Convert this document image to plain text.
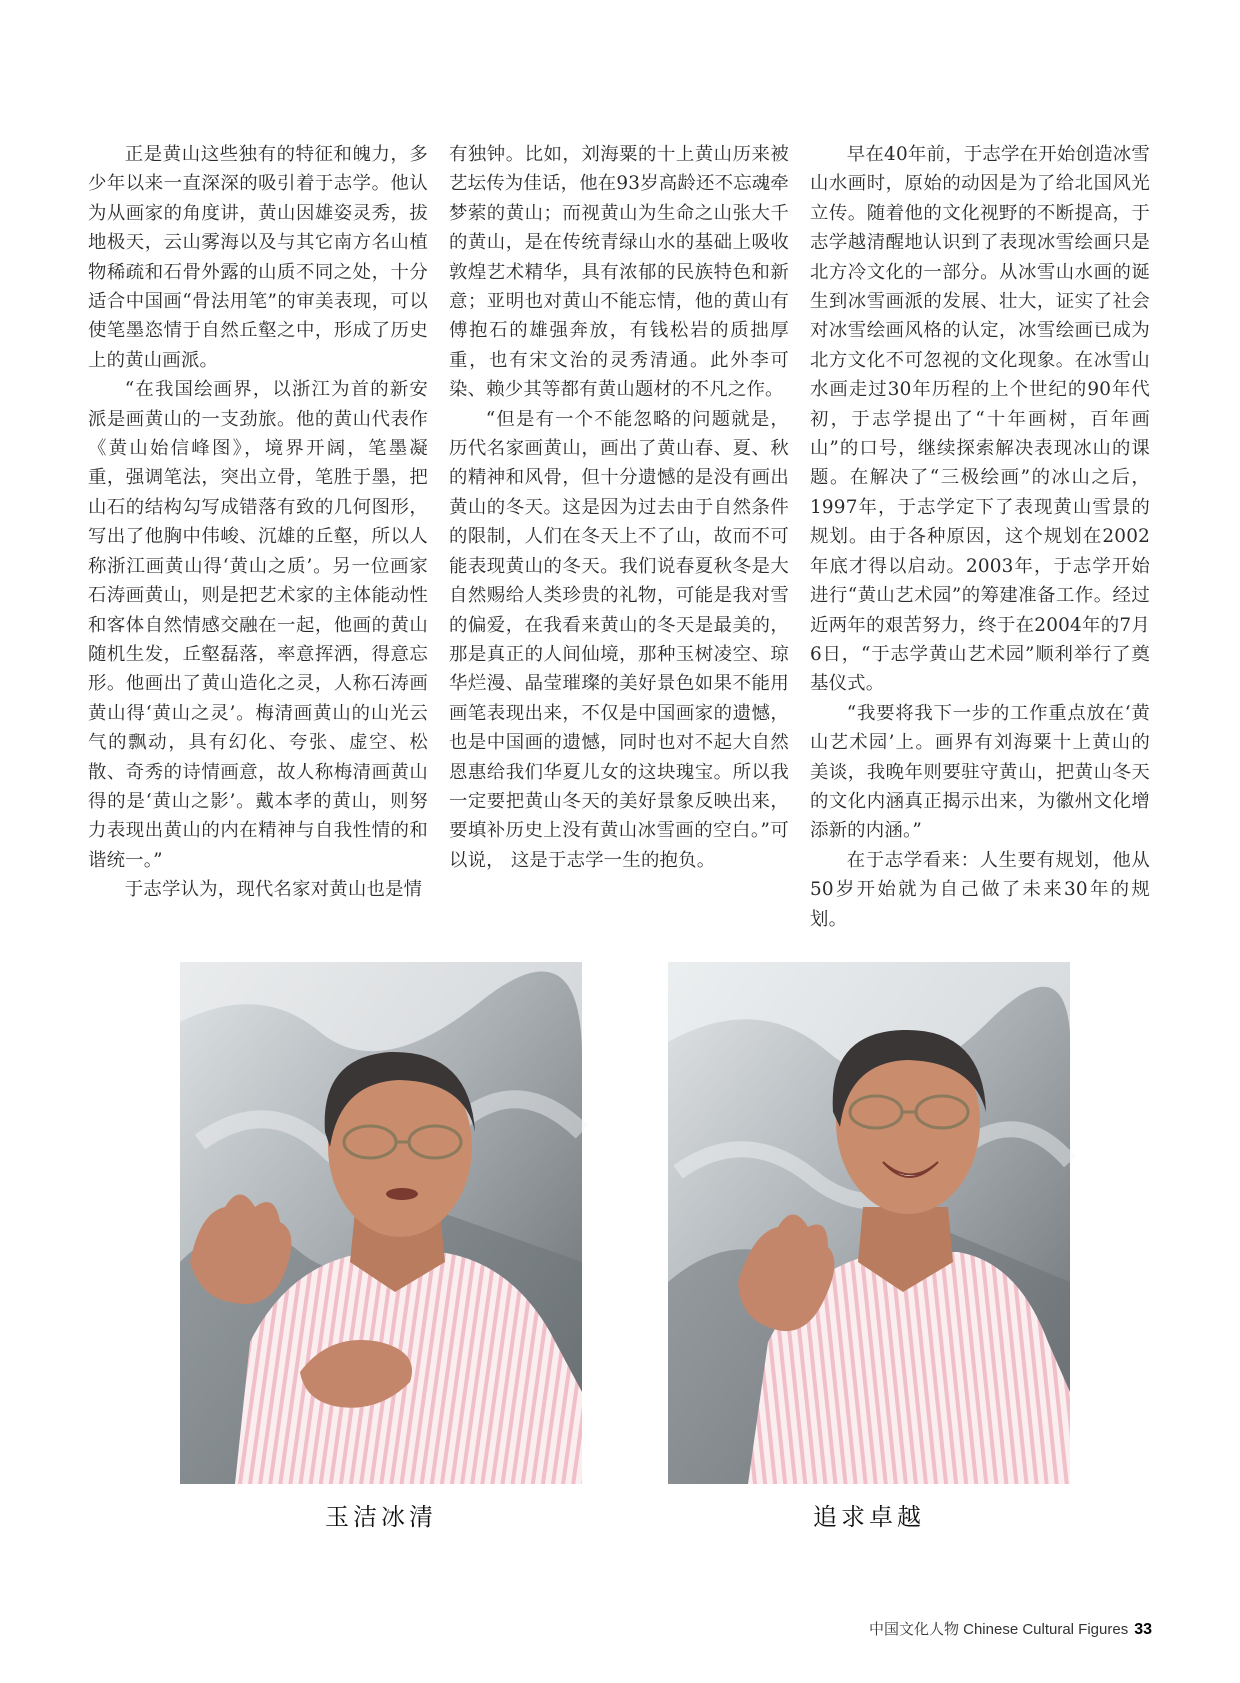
正是黄山这些独有的特征和魄力，多少年以来一直深深的吸引着于志学。他认为从画家的角度讲，黄山因雄姿灵秀，拔地极天，云山雾海以及与其它南方名山植物稀疏和石骨外露的山质不同之处，十分适合中国画“骨法用笔”的审美表现，可以使笔墨恣情于自然丘壑之中，形成了历史上的黄山画派。

“在我国绘画界，以浙江为首的新安派是画黄山的一支劲旅。他的黄山代表作《黄山始信峰图》，境界开阔，笔墨凝重，强调笔法，突出立骨，笔胜于墨，把山石的结构勾写成错落有致的几何图形，写出了他胸中伟峻、沉雄的丘壑，所以人称浙江画黄山得‘黄山之质’。另一位画家石涛画黄山，则是把艺术家的主体能动性和客体自然情感交融在一起，他画的黄山随机生发，丘壑磊落，率意挥洒，得意忘形。他画出了黄山造化之灵，人称石涛画黄山得‘黄山之灵’。梅清画黄山的山光云气的飘动，具有幻化、夸张、虚空、松散、奇秀的诗情画意，故人称梅清画黄山得的是‘黄山之影’。戴本孝的黄山，则努力表现出黄山的内在精神与自我性情的和谐统一。”

于志学认为，现代名家对黄山也是情

有独钟。比如，刘海粟的十上黄山历来被艺坛传为佳话，他在93岁高龄还不忘魂牵梦萦的黄山；而视黄山为生命之山张大千的黄山，是在传统青绿山水的基础上吸收敦煌艺术精华，具有浓郁的民族特色和新意；亚明也对黄山不能忘情，他的黄山有傅抱石的雄强奔放，有钱松岩的质拙厚重，也有宋文治的灵秀清通。此外李可染、赖少其等都有黄山题材的不凡之作。

“但是有一个不能忽略的问题就是，历代名家画黄山，画出了黄山春、夏、秋的精神和风骨，但十分遗憾的是没有画出黄山的冬天。这是因为过去由于自然条件的限制，人们在冬天上不了山，故而不可能表现黄山的冬天。我们说春夏秋冬是大自然赐给人类珍贵的礼物，可能是我对雪的偏爱，在我看来黄山的冬天是最美的，那是真正的人间仙境，那种玉树凌空、琼华烂漫、晶莹璀璨的美好景色如果不能用画笔表现出来，不仅是中国画家的遗憾，也是中国画的遗憾，同时也对不起大自然恩惠给我们华夏儿女的这块瑰宝。所以我一定要把黄山冬天的美好景象反映出来，要填补历史上没有黄山冰雪画的空白。”可以说， 这是于志学一生的抱负。

早在40年前，于志学在开始创造冰雪山水画时，原始的动因是为了给北国风光立传。随着他的文化视野的不断提高，于志学越清醒地认识到了表现冰雪绘画只是北方冷文化的一部分。从冰雪山水画的诞生到冰雪画派的发展、壮大，证实了社会对冰雪绘画风格的认定，冰雪绘画已成为北方文化不可忽视的文化现象。在冰雪山水画走过30年历程的上个世纪的90年代初，于志学提出了“十年画树，百年画山”的口号，继续探索解决表现冰山的课题。在解决了“三极绘画”的冰山之后，1997年，于志学定下了表现黄山雪景的规划。由于各种原因，这个规划在2002年底才得以启动。2003年，于志学开始进行“黄山艺术园”的筹建准备工作。经过近两年的艰苦努力，终于在2004年的7月6日，“于志学黄山艺术园”顺利举行了奠基仪式。

“我要将我下一步的工作重点放在‘黄山艺术园’上。画界有刘海粟十上黄山的美谈，我晚年则要驻守黄山，把黄山冬天的文化内涵真正揭示出来，为徽州文化增添新的内涵。”

在于志学看来：人生要有规划，他从50岁开始就为自己做了未来30年的规划。

玉洁冰清	追求卓越
中国文化人物 Chinese Cultural Figures 33
